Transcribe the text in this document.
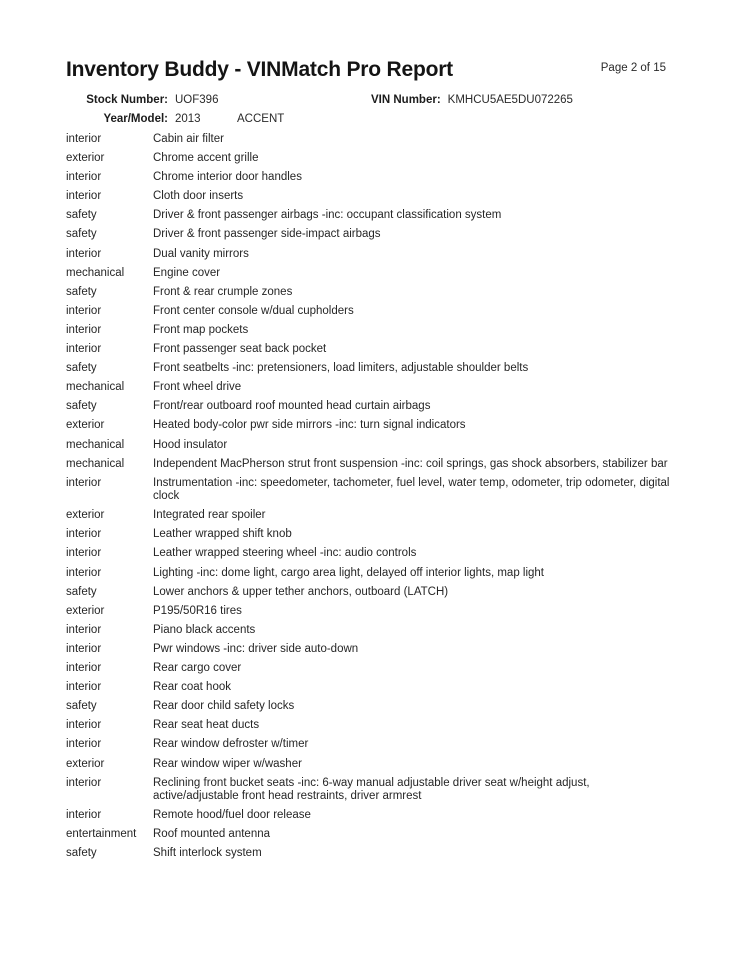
Inventory Buddy - VINMatch Pro Report	Page 2 of 15
Stock Number: UOF396	VIN Number: KMHCU5AE5DU072265
Year/Model: 2013	ACCENT
interior	Cabin air filter
exterior	Chrome accent grille
interior	Chrome interior door handles
interior	Cloth door inserts
safety	Driver & front passenger airbags -inc: occupant classification system
safety	Driver & front passenger side-impact airbags
interior	Dual vanity mirrors
mechanical	Engine cover
safety	Front & rear crumple zones
interior	Front center console w/dual cupholders
interior	Front map pockets
interior	Front passenger seat back pocket
safety	Front seatbelts -inc: pretensioners, load limiters, adjustable shoulder belts
mechanical	Front wheel drive
safety	Front/rear outboard roof mounted head curtain airbags
exterior	Heated body-color pwr side mirrors -inc: turn signal indicators
mechanical	Hood insulator
mechanical	Independent MacPherson strut front suspension -inc: coil springs, gas shock absorbers, stabilizer bar
interior	Instrumentation -inc: speedometer, tachometer, fuel level, water temp, odometer, trip odometer, digital clock
exterior	Integrated rear spoiler
interior	Leather wrapped shift knob
interior	Leather wrapped steering wheel -inc: audio controls
interior	Lighting -inc: dome light, cargo area light, delayed off interior lights, map light
safety	Lower anchors & upper tether anchors, outboard (LATCH)
exterior	P195/50R16 tires
interior	Piano black accents
interior	Pwr windows -inc: driver side auto-down
interior	Rear cargo cover
interior	Rear coat hook
safety	Rear door child safety locks
interior	Rear seat heat ducts
interior	Rear window defroster w/timer
exterior	Rear window wiper w/washer
interior	Reclining front bucket seats -inc: 6-way manual adjustable driver seat w/height adjust, active/adjustable front head restraints, driver armrest
interior	Remote hood/fuel door release
entertainment	Roof mounted antenna
safety	Shift interlock system
